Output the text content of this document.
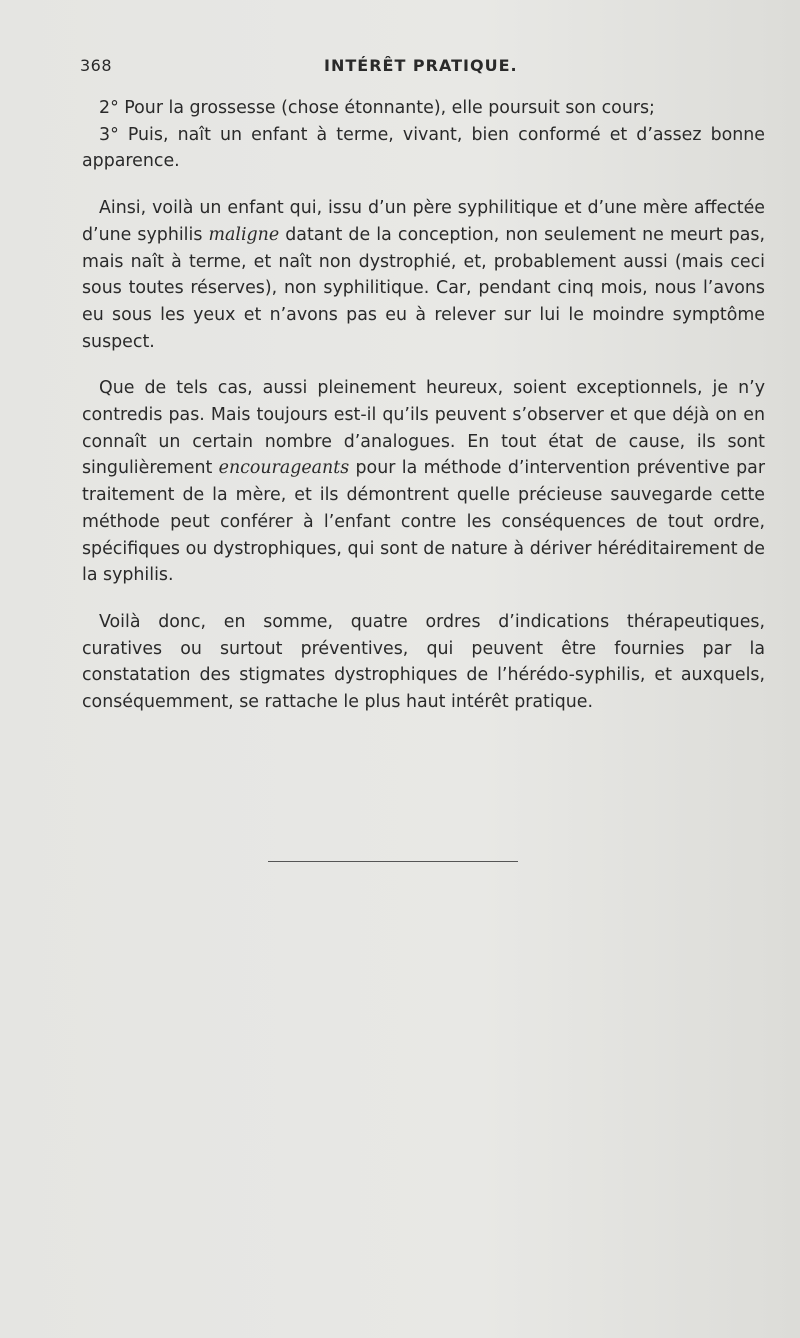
368	INTÉRÊT PRATIQUE.

2° Pour la grossesse (chose étonnante), elle poursuit son cours;

3° Puis, naît un enfant à terme, vivant, bien conformé et d’assez bonne apparence.

Ainsi, voilà un enfant qui, issu d’un père syphilitique et d’une mère affectée d’une syphilis maligne datant de la conception, non seulement ne meurt pas, mais naît à terme, et naît non dystrophié, et, probablement aussi (mais ceci sous toutes réserves), non syphilitique. Car, pendant cinq mois, nous l’avons eu sous les yeux et n’avons pas eu à relever sur lui le moindre symptôme suspect.

Que de tels cas, aussi pleinement heureux, soient exceptionnels, je n’y contredis pas. Mais toujours est-il qu’ils peuvent s’observer et que déjà on en connaît un certain nombre d’analogues. En tout état de cause, ils sont singulièrement encourageants pour la méthode d’intervention préventive par traitement de la mère, et ils démontrent quelle précieuse sauvegarde cette méthode peut conférer à l’enfant contre les conséquences de tout ordre, spécifiques ou dystrophiques, qui sont de nature à dériver héréditairement de la syphilis.

Voilà donc, en somme, quatre ordres d’indications thérapeutiques, curatives ou surtout préventives, qui peuvent être fournies par la constatation des stigmates dystrophiques de l’hérédo-syphilis, et auxquels, conséquemment, se rattache le plus haut intérêt pratique.
